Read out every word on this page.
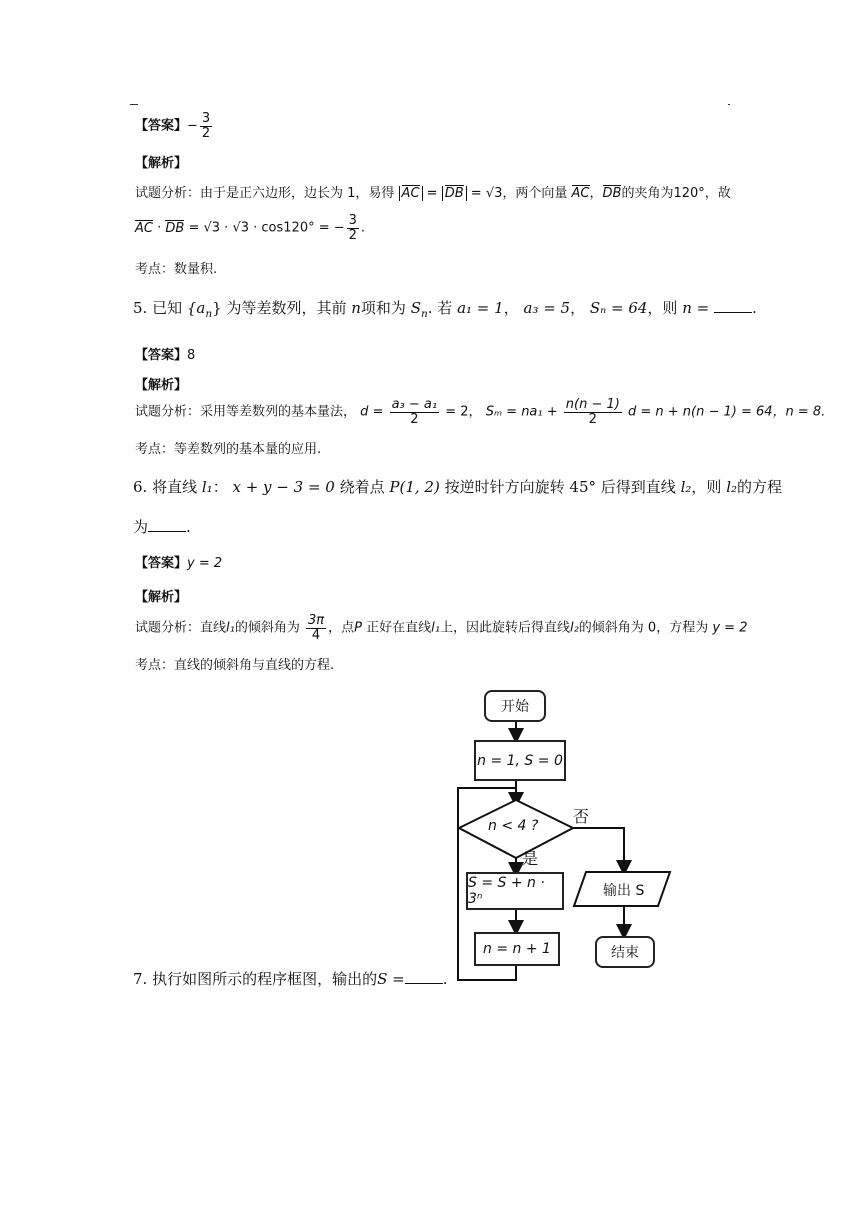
【答案】− $\frac{3}{2}$
【解析】
试题分析：由于是正六边形，边长为 1，易得 AC = DB = √3，两个向量 AC，DB的夹角为120°，故
AC · DB = √3 · √3 · cos120° = − $\frac{3}{2}$ .
考点：数量积.
5. 已知 $\{a_n\}$ 为等差数列，其前 n项和为 $S_n$. 若 a₁ = 1， a₃ = 5， Sₙ = 64，则 n =	.
【答案】8
【解析】
试题分析：采用等差数列的基本量法， $d = \frac{\text{a₃ − a₁}}{2} = 2$， $S_m = na_1 + \frac{n(n - 1)}{2}$ d = n + n(n − 1) = 64，n = 8.
考点：等差数列的基本量的应用.
6. 将直线 l₁： x + y − 3 = 0 绕着点 P(1, 2) 按逆时针方向旋转 45° 后得到直线 l₂，则 l₂的方程
为	.
【答案】y = 2
【解析】
试题分析：直线l₁的倾斜角为 $\frac{3\pi}{4}$ ，点P 正好在直线l₁上，因此旋转后得直线l₂的倾斜角为 0，方程为 y = 2
考点：直线的倾斜角与直线的方程.
开始
n = 1, S = 0
n < 4 ? 否
是
S = S + n · 3ⁿ
n = n + 1
输出 S
结束
7. 执行如图所示的程序框图，输出的S =	.
